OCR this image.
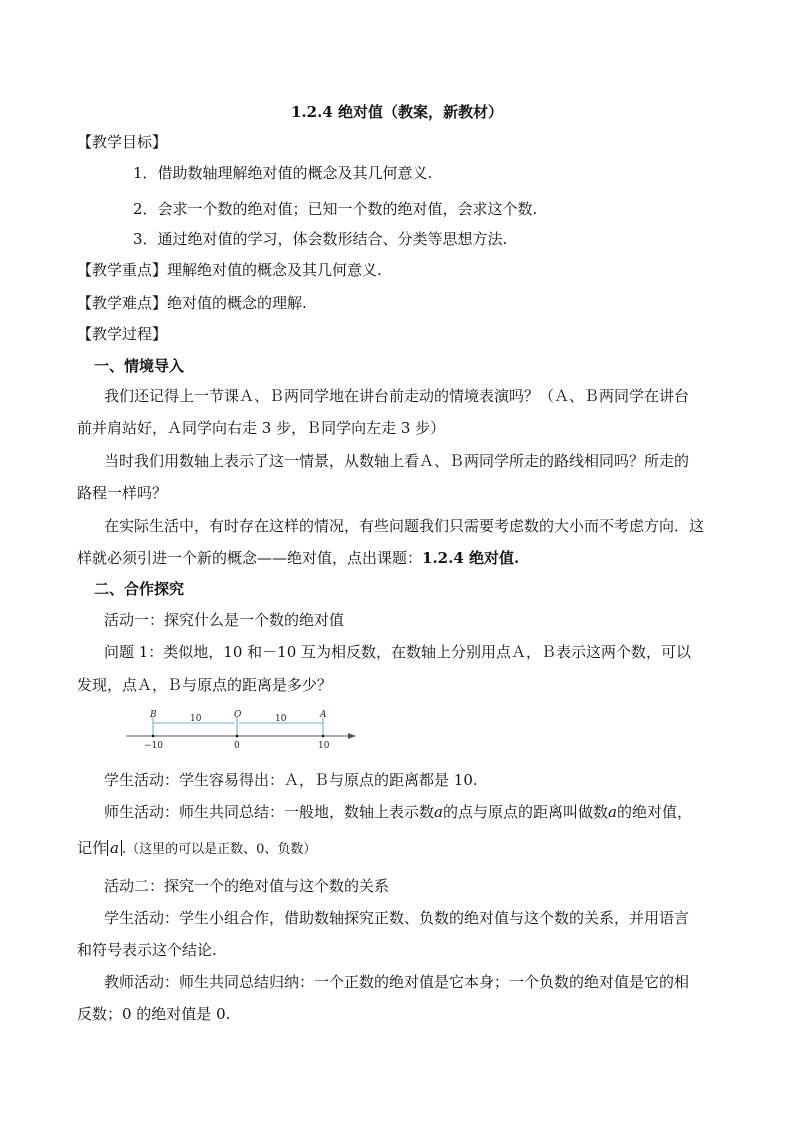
1.2.4 绝对值（教案，新教材）
【教学目标】
1．借助数轴理解绝对值的概念及其几何意义.
2．会求一个数的绝对值；已知一个数的绝对值，会求这个数.
3．通过绝对值的学习，体会数形结合、分类等思想方法.
【教学重点】理解绝对值的概念及其几何意义.
【教学难点】绝对值的概念的理解.
【教学过程】
一、情境导入
我们还记得上一节课Ａ、Ｂ两同学地在讲台前走动的情境表演吗？（Ａ、Ｂ两同学在讲台
前并肩站好，Ａ同学向右走 3 步，Ｂ同学向左走 3 步）
当时我们用数轴上表示了这一情景，从数轴上看Ａ、Ｂ两同学所走的路线相同吗？所走的
路程一样吗？
在实际生活中，有时存在这样的情况，有些问题我们只需要考虑数的大小而不考虑方向．这
样就必须引进一个新的概念——绝对值，点出课题：1.2.4 绝对值.
二、合作探究
活动一：探究什么是一个数的绝对值
问题 1：类似地，10 和－10 互为相反数，在数轴上分别用点Ａ，Ｂ表示这两个数，可以
发现，点Ａ，Ｂ与原点的距离是多少？
B	O	A
10	10
−10	0	10
学生活动：学生容易得出：Ａ，Ｂ与原点的距离都是 10.
师生活动：师生共同总结：一般地，数轴上表示数a的点与原点的距离叫做数a的绝对值，
记作 a .（这里的可以是正数、0、负数）
活动二：探究一个的绝对值与这个数的关系
学生活动：学生小组合作，借助数轴探究正数、负数的绝对值与这个数的关系，并用语言
和符号表示这个结论.
教师活动：师生共同总结归纳：一个正数的绝对值是它本身；一个负数的绝对值是它的相
反数；0 的绝对值是 0.
